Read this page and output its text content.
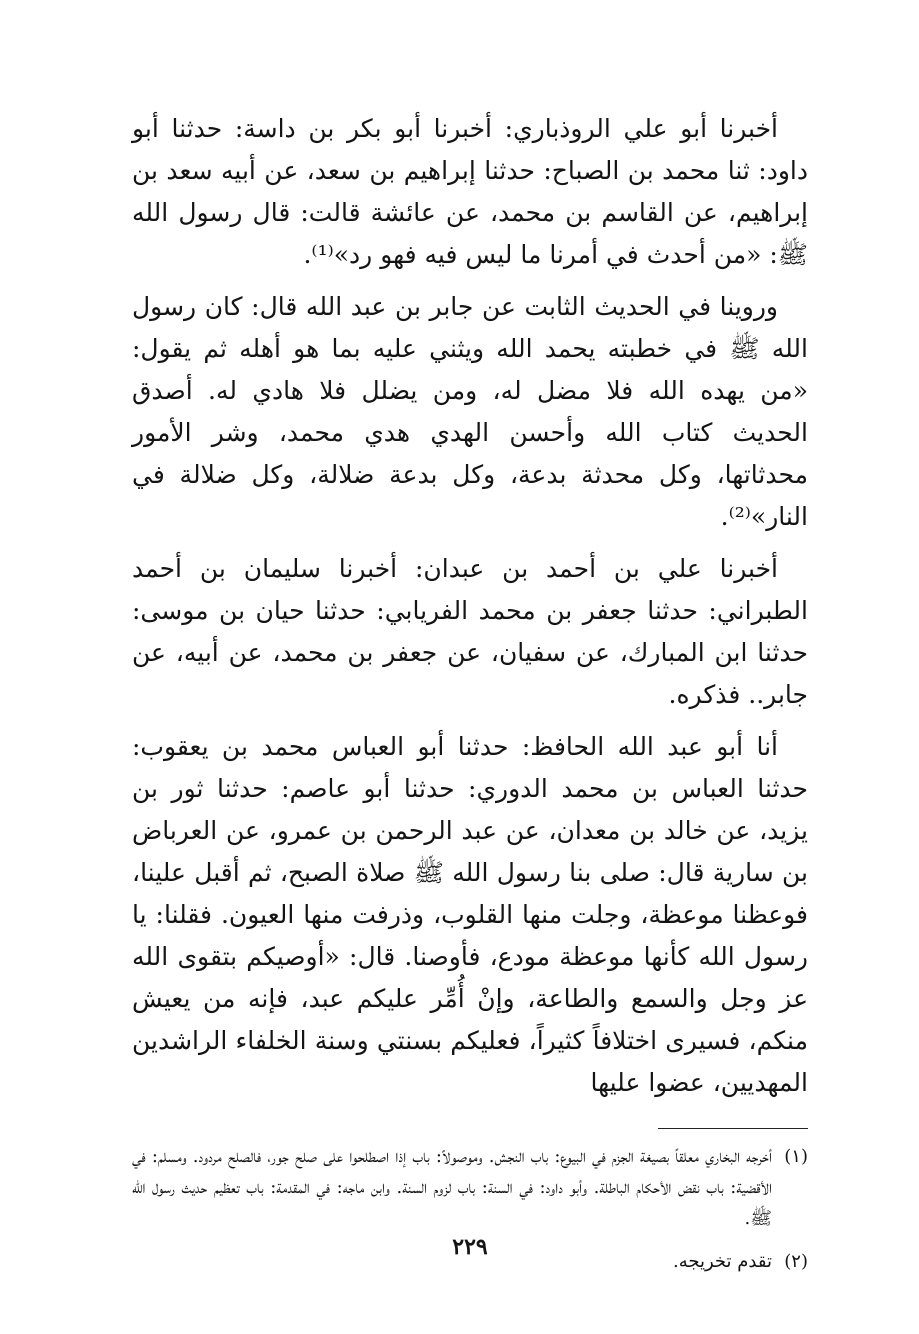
أخبرنا أبو علي الروذباري: أخبرنا أبو بكر بن داسة: حدثنا أبو داود: ثنا محمد بن الصباح: حدثنا إبراهيم بن سعد، عن أبيه سعد بن إبراهيم، عن القاسم بن محمد، عن عائشة قالت: قال رسول الله ﷺ: «من أحدث في أمرنا ما ليس فيه فهو رد»⁽¹⁾.

وروينا في الحديث الثابت عن جابر بن عبد الله قال: كان رسول الله ﷺ في خطبته يحمد الله ويثني عليه بما هو أهله ثم يقول: «من يهده الله فلا مضل له، ومن يضلل فلا هادي له. أصدق الحديث كتاب الله وأحسن الهدي هدي محمد، وشر الأمور محدثاتها، وكل محدثة بدعة، وكل بدعة ضلالة، وكل ضلالة في النار»⁽²⁾.

أخبرنا علي بن أحمد بن عبدان: أخبرنا سليمان بن أحمد الطبراني: حدثنا جعفر بن محمد الفريابي: حدثنا حيان بن موسى: حدثنا ابن المبارك، عن سفيان، عن جعفر بن محمد، عن أبيه، عن جابر.. فذكره.

أنا أبو عبد الله الحافظ: حدثنا أبو العباس محمد بن يعقوب: حدثنا العباس بن محمد الدوري: حدثنا أبو عاصم: حدثنا ثور بن يزيد، عن خالد بن معدان، عن عبد الرحمن بن عمرو، عن العرباض بن سارية قال: صلى بنا رسول الله ﷺ صلاة الصبح، ثم أقبل علينا، فوعظنا موعظة، وجلت منها القلوب، وذرفت منها العيون. فقلنا: يا رسول الله كأنها موعظة مودع، فأوصنا. قال: «أوصيكم بتقوى الله عز وجل والسمع والطاعة، وإنْ أُمِّر عليكم عبد، فإنه من يعيش منكم، فسيرى اختلافاً كثيراً، فعليكم بسنتي وسنة الخلفاء الراشدين المهديين، عضوا عليها

(١)
أخرجه البخاري معلقاً بصيغة الجزم في البيوع: باب النجش. وموصولاً: باب إذا اصطلحوا على صلح جور، فالصلح مردود. ومسلم: في الأقضية: باب نقض الأحكام الباطلة. وأبو داود: في السنة: باب لزوم السنة. وابن ماجه: في المقدمة: باب تعظيم حديث رسول الله ﷺ.

(٢)
تقدم تخريجه.

٢٢٩
